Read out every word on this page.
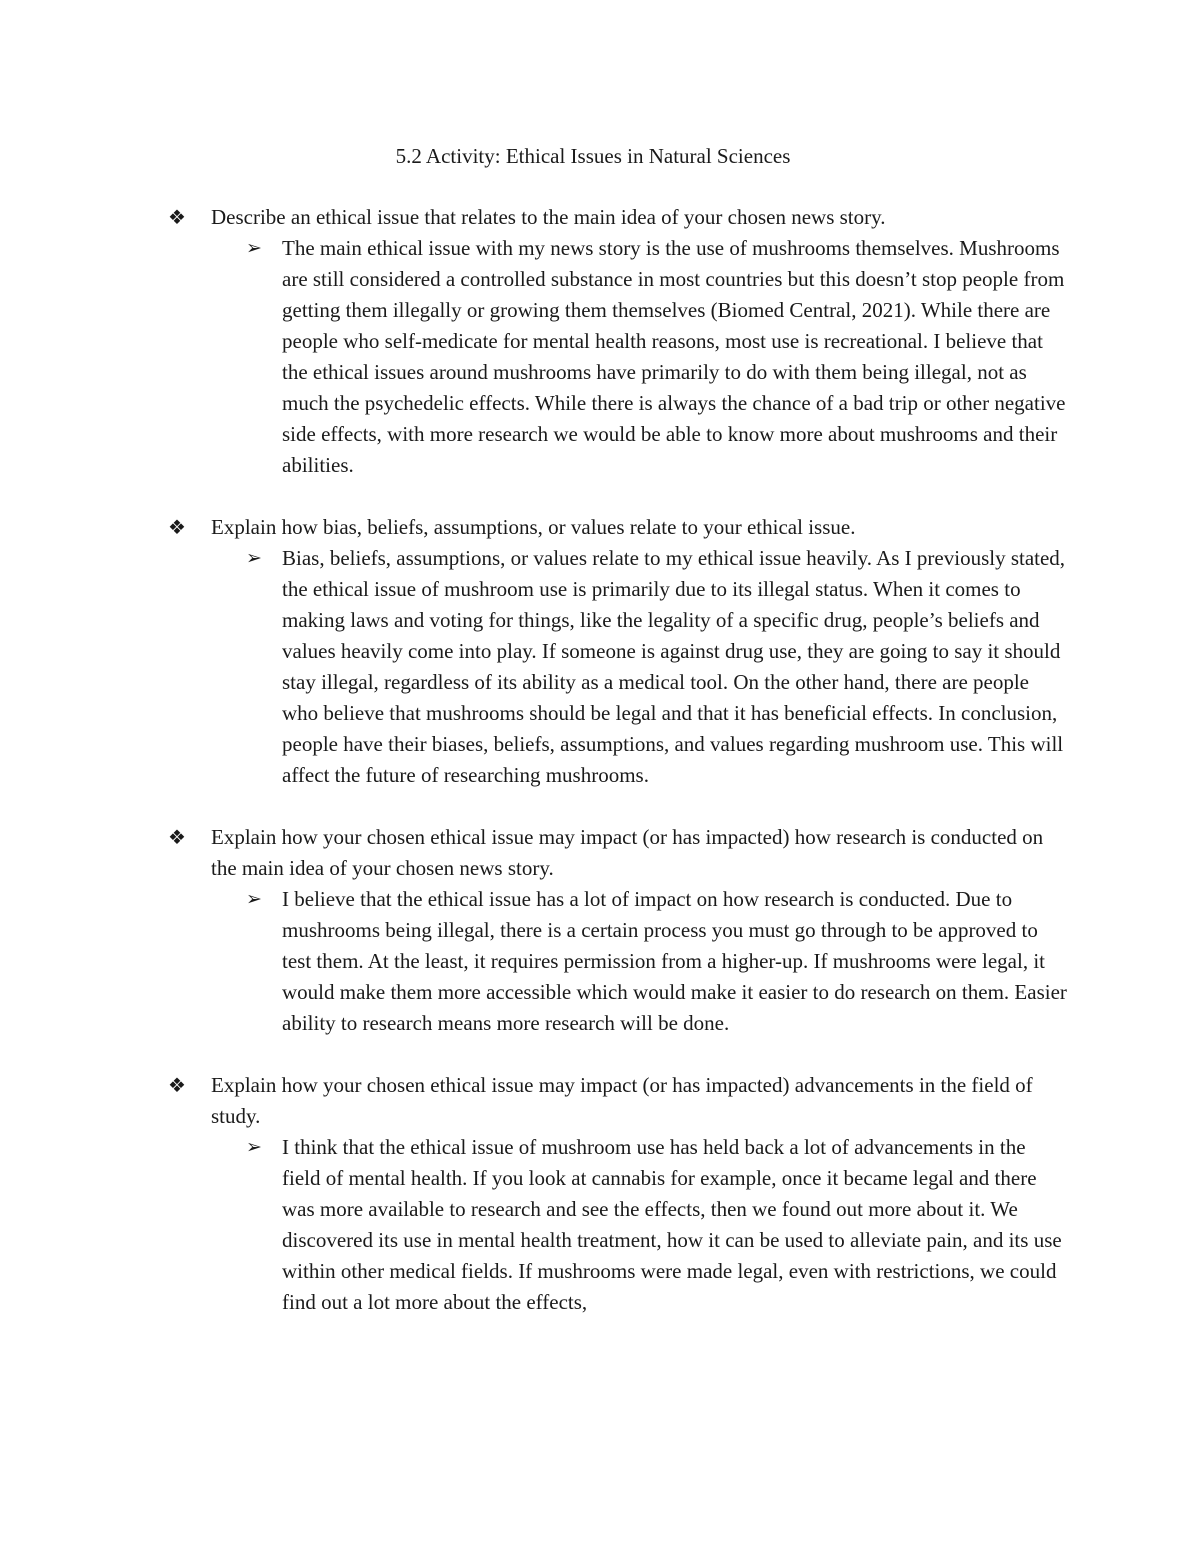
5.2 Activity: Ethical Issues in Natural Sciences
❖ Describe an ethical issue that relates to the main idea of your chosen news story.
➢ The main ethical issue with my news story is the use of mushrooms themselves. Mushrooms are still considered a controlled substance in most countries but this doesn’t stop people from getting them illegally or growing them themselves (Biomed Central, 2021). While there are people who self-medicate for mental health reasons, most use is recreational. I believe that the ethical issues around mushrooms have primarily to do with them being illegal, not as much the psychedelic effects. While there is always the chance of a bad trip or other negative side effects, with more research we would be able to know more about mushrooms and their abilities.
❖ Explain how bias, beliefs, assumptions, or values relate to your ethical issue.
➢ Bias, beliefs, assumptions, or values relate to my ethical issue heavily. As I previously stated, the ethical issue of mushroom use is primarily due to its illegal status. When it comes to making laws and voting for things, like the legality of a specific drug, people’s beliefs and values heavily come into play. If someone is against drug use, they are going to say it should stay illegal, regardless of its ability as a medical tool. On the other hand, there are people who believe that mushrooms should be legal and that it has beneficial effects. In conclusion, people have their biases, beliefs, assumptions, and values regarding mushroom use. This will affect the future of researching mushrooms.
❖ Explain how your chosen ethical issue may impact (or has impacted) how research is conducted on the main idea of your chosen news story.
➢ I believe that the ethical issue has a lot of impact on how research is conducted. Due to mushrooms being illegal, there is a certain process you must go through to be approved to test them. At the least, it requires permission from a higher-up. If mushrooms were legal, it would make them more accessible which would make it easier to do research on them. Easier ability to research means more research will be done.
❖ Explain how your chosen ethical issue may impact (or has impacted) advancements in the field of study.
➢ I think that the ethical issue of mushroom use has held back a lot of advancements in the field of mental health. If you look at cannabis for example, once it became legal and there was more available to research and see the effects, then we found out more about it. We discovered its use in mental health treatment, how it can be used to alleviate pain, and its use within other medical fields. If mushrooms were made legal, even with restrictions, we could find out a lot more about the effects,
